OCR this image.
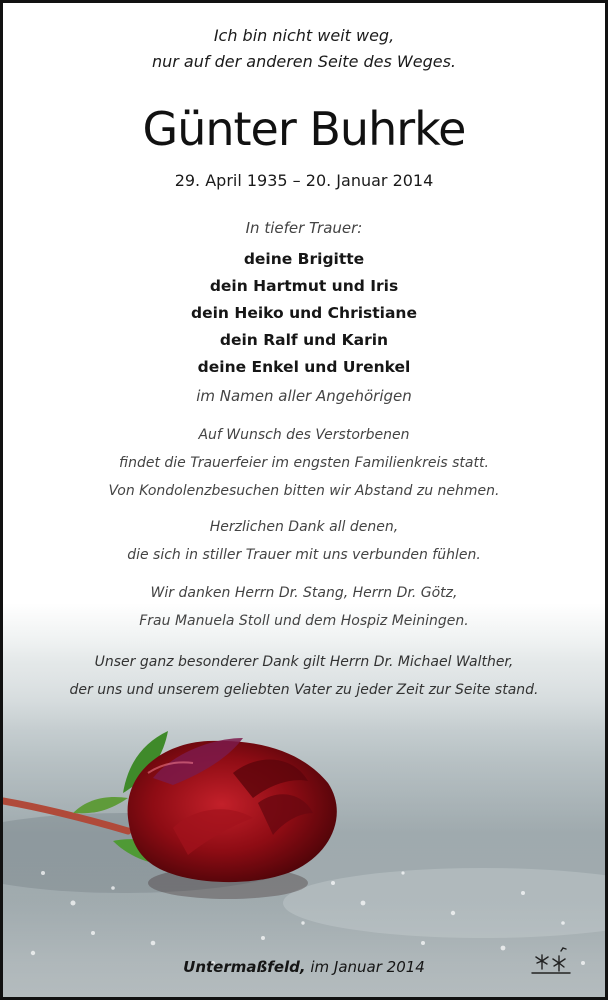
Ich bin nicht weit weg,
nur auf der anderen Seite des Weges.
Günter Buhrke
29. April 1935 – 20. Januar 2014
In tiefer Trauer:
deine Brigitte
dein Hartmut und Iris
dein Heiko und Christiane
dein Ralf und Karin
deine Enkel und Urenkel
im Namen aller Angehörigen
Auf Wunsch des Verstorbenen
findet die Trauerfeier im engsten Familienkreis statt.
Von Kondolenzbesuchen bitten wir Abstand zu nehmen.
Herzlichen Dank all denen,
die sich in stiller Trauer mit uns verbunden fühlen.
Wir danken Herrn Dr. Stang, Herrn Dr. Götz,
Frau Manuela Stoll und dem Hospiz Meiningen.
Unser ganz besonderer Dank gilt Herrn Dr. Michael Walther,
der uns und unserem geliebten Vater zu jeder Zeit zur Seite stand.
Untermaßfeld, im Januar 2014
